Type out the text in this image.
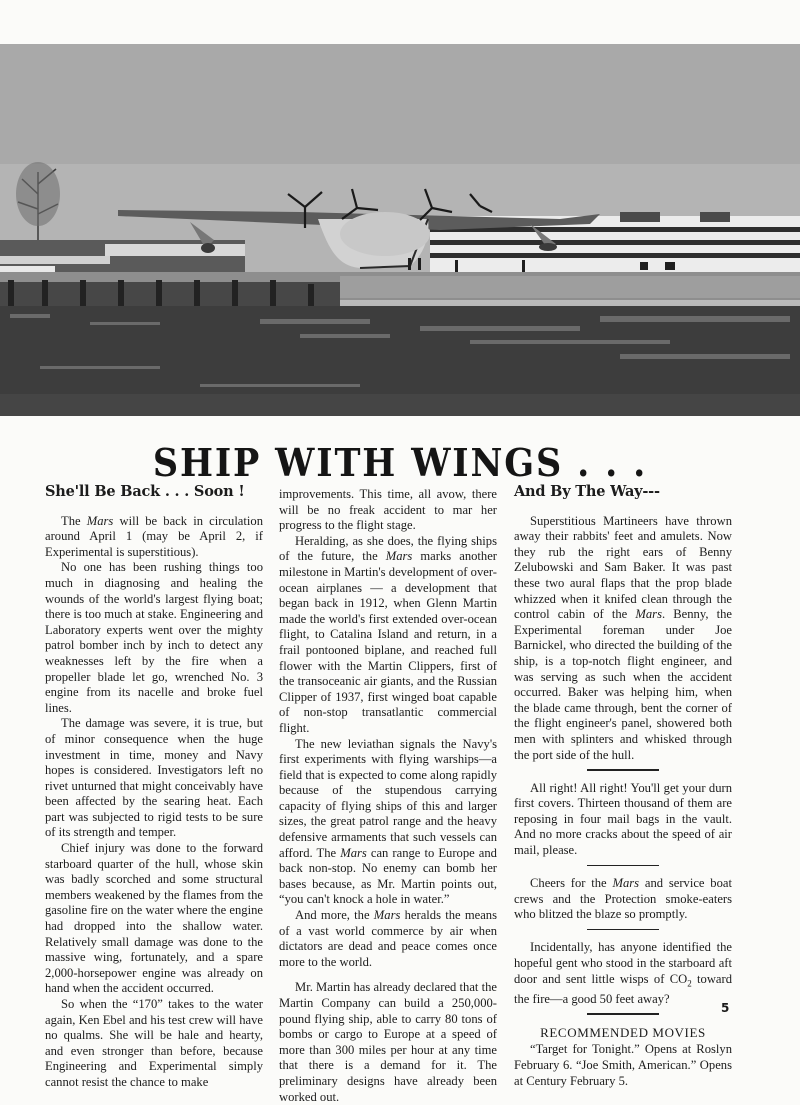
SHIP WITH WINGS . . .
She'll Be Back . . . Soon !

The Mars will be back in circulation around April 1 (may be April 2, if Experimental is superstitious).

No one has been rushing things too much in diagnosing and healing the wounds of the world's largest flying boat; there is too much at stake. Engineering and Laboratory experts went over the mighty patrol bomber inch by inch to detect any weaknesses left by the fire when a propeller blade let go, wrenched No. 3 engine from its nacelle and broke fuel lines.

The damage was severe, it is true, but of minor consequence when the huge investment in time, money and Navy hopes is considered. Investigators left no rivet unturned that might conceivably have been affected by the searing heat. Each part was subjected to rigid tests to be sure of its strength and temper.

Chief injury was done to the forward starboard quarter of the hull, whose skin was badly scorched and some structural members weakened by the flames from the gasoline fire on the water where the engine had dropped into the shallow water. Relatively small damage was done to the massive wing, fortunately, and a spare 2,000-horsepower engine was already on hand when the accident occurred.

So when the “170” takes to the water again, Ken Ebel and his test crew will have no qualms. She will be hale and hearty, and even stronger than before, because Engineering and Experimental simply cannot resist the chance to make

improvements. This time, all avow, there will be no freak accident to mar her progress to the flight stage.

Heralding, as she does, the flying ships of the future, the Mars marks another milestone in Martin's development of over-ocean airplanes — a development that began back in 1912, when Glenn Martin made the world's first extended over-ocean flight, to Catalina Island and return, in a frail pontooned biplane, and reached full flower with the Martin Clippers, first of the transoceanic air giants, and the Russian Clipper of 1937, first winged boat capable of non-stop transatlantic commercial flight.

The new leviathan signals the Navy's first experiments with flying warships—a field that is expected to come along rapidly because of the stupendous carrying capacity of flying ships of this and larger sizes, the great patrol range and the heavy defensive armaments that such vessels can afford. The Mars can range to Europe and back non-stop. No enemy can bomb her bases because, as Mr. Martin points out, “you can't knock a hole in water.”

And more, the Mars heralds the means of a vast world commerce by air when dictators are dead and peace comes once more to the world.

Mr. Martin has already declared that the Martin Company can build a 250,000-pound flying ship, able to carry 80 tons of bombs or cargo to Europe at a speed of more than 300 miles per hour at any time that there is a demand for it. The preliminary designs have already been worked out.

And By The Way---

Superstitious Martineers have thrown away their rabbits' feet and amulets. Now they rub the right ears of Benny Zelubowski and Sam Baker. It was past these two aural flaps that the prop blade whizzed when it knifed clean through the control cabin of the Mars. Benny, the Experimental foreman under Joe Barnickel, who directed the building of the ship, is a top-notch flight engineer, and was serving as such when the accident occurred. Baker was helping him, when the blade came through, bent the corner of the flight engineer's panel, showered both men with splinters and whisked through the port side of the hull.

All right! All right! You'll get your durn first covers. Thirteen thousand of them are reposing in four mail bags in the vault. And no more cracks about the speed of air mail, please.

Cheers for the Mars and service boat crews and the Protection smoke-eaters who blitzed the blaze so promptly.

Incidentally, has anyone identified the hopeful gent who stood in the starboard aft door and sent little wisps of $CO_2$ toward the fire—a good 50 feet away?

RECOMMENDED MOVIES

“Target for Tonight.” Opens at Roslyn February 6. “Joe Smith, American.” Opens at Century February 5.

5
